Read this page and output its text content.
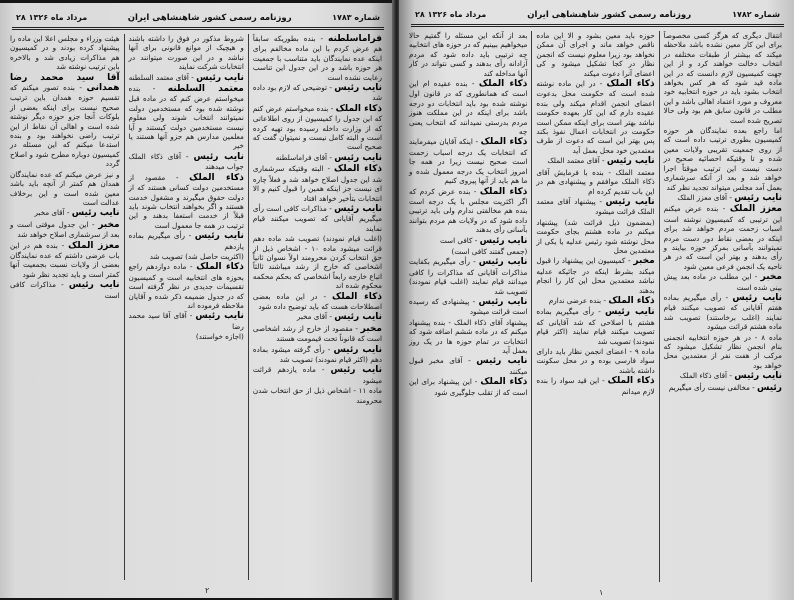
۲۸ مرداد ماه ۱۳۲۶	روزنامه رسمی کشور شاهنشاهی ایران	شماره ۱۷۸۳

فراماسلطنه - بنده بطوریکه سابقاً هم عرض کردم با این ماده مخالفم برای اینکه عده نمایندگان باید متناسب با جمعیت هر حوزه باشد و در این جدول این تناسب رعایت نشده است

نایب رئیس - توضیحی که لازم بود داده شد

ذکاء الملک - بنده میخواستم عرض کنم که این جدول را کمیسیون از روی اطلاعاتی که از وزارت داخله رسیده بود تهیه کرده است و البته کامل نیست و نمیتوان گفت که صحیح است

نایب رئیس - آقای فراماسلطنه

ذکاء الملک - البته وقتیکه سرشماری شد این جدول اصلاح خواهد شد و فعلاً چاره ای نیست جز اینکه همین را قبول کنیم و الا انتخابات بتأخیر خواهد افتاد

نایب رئیس - مذاکرات کافی است رأی میگیریم آقایانی که تصویب میکنند قیام نمایند

(اغلب قیام نمودند) تصویب شد ماده دهم قرائت میشود ماده ۱۰ - اشخاص ذیل از حق انتخاب کردن محرومند اولاً نسوان ثانیاً اشخاصی که خارج از رشد میباشند ثالثاً اتباع خارجه رابعاً اشخاصی که بحکم محکمه محکوم شده اند

ذکاء الملک - در این ماده بعضی اصطلاحات هست که باید توضیح داده شود

نایب رئیس - آقای مخبر

مخبر - مقصود از خارج از رشد اشخاصی است که قانوناً تحت قیمومت هستند

نایب رئیس - رأی گرفته میشود بماده دهم (اکثر قیام نمودند) تصویب شد

نایب رئیس - ماده یازدهم قرائت میشود

ماده ۱۱ - اشخاص ذیل از حق انتخاب شدن محرومند

شروط مذکور در فوق را داشته باشند و هیچیک از موانع قانونی برای آنها نباشد و در این صورت میتوانند در انتخابات شرکت نمایند

نایب رئیس - آقای معتمد السلطنه

معتمد السلطنه - بنده میخواستم عرض کنم که در ماده قبل نوشته شده بود که مستخدمین دولت نمیتوانند انتخاب شوند ولی معلوم نیست مستخدمین دولت کیستند و آیا معلمین مدارس هم جزو آنها هستند یا خیر

نایب رئیس - آقای ذکاء الملک جواب میدهند

ذکاء الملک - مقصود از مستخدمین دولت کسانی هستند که از دولت حقوق میگیرند و مشغول خدمت هستند و اگر بخواهند انتخاب شوند باید قبلاً از خدمت استعفا بدهند و این ترتیب در همه جا معمول است

نایب رئیس - رأی میگیریم بماده یازدهم

(اکثریت حاصل شد) تصویب شد

ذکاء الملک - ماده دوازدهم راجع بحوزه های انتخابیه است و کمیسیون تقسیمات جدیدی در نظر گرفته است که در جدول ضمیمه ذکر شده و آقایان ملاحظه فرموده اند

نایب رئیس - آقای آقا سید محمد رضا

(اجازه خواستند)

هیئت وزراء و مجلس اعلا این ماده را پیشنهاد کرده بودند و در کمیسیون هم مذاکرات زیادی شد و بالاخره باین ترتیب نوشته شد

آقا سید محمد رضا همدانی - بنده تصور میکنم که تقسیم حوزه همدان باین ترتیب صحیح نیست برای اینکه بعضی از بلوکات آنجا جزو حوزه دیگر نوشته شده است و اهالی آن نقاط از این ترتیب راضی نخواهند بود و بنده استدعا میکنم که این مسئله در کمیسیون دوباره مطرح شود و اصلاح گردد

و نیز عرض میکنم که عده نمایندگان همدان هم کمتر از آنچه باید باشد معین شده است و این برخلاف عدالت است

نایب رئیس - آقای مخبر

مخبر - این جدول موقتی است و بعد از سرشماری اصلاح خواهد شد

معزز الملک - بنده هم در این باب عرضی داشتم که عده نمایندگان بعضی از ولایات نسبت بجمعیت آنها کمتر است و باید تجدید نظر شود

نایب رئیس - مذاکرات کافی است

۲
۲۸ مرداد ماه ۱۳۲۶	روزنامه رسمی کشور شاهنشاهی ایران	شماره ۱۷۸۲

انتقال دیگری که هرگز کسی مخصوصاً برای این کار معین نشده باشد ملاحظه میکند که بیشتر از طبقات مختلفه در انتخاب دخالت خواهند کرد و از این جهت کمیسیون لازم دانست که در این ماده قید شود که هر کس بخواهد انتخاب بشود باید در حوزه انتخابیه خود معروف و مورد اعتماد اهالی باشد و این مطلب در قانون سابق هم بود ولی حالا تصریح شده است

اما راجع بعده نمایندگان هر حوزه کمیسیون بطوری ترتیب داده است که از روی جمعیت تقریبی ولایات معین شده و تا وقتیکه احصائیه صحیح در دست نیست این ترتیب موقتاً اجرا خواهد شد و بعد از آنکه سرشماری بعمل آمد مجلس میتواند تجدید نظر کند

نایب رئیس - آقای معزز الملک

معزز الملک - بنده عرض میکنم این ترتیبی که کمیسیون نوشته است اسباب زحمت مردم خواهد شد برای اینکه در بعضی نقاط دور دست مردم نمیتوانند بآسانی بمرکز حوزه بیایند و رأی بدهند و بهتر این است که در هر ناحیه یک انجمن فرعی معین شود

مخبر - این مطلب در ماده بعد پیش بینی شده است

نایب رئیس - رأی میگیریم بماده هفتم آقایانی که تصویب میکنند قیام نمایند (اغلب برخاستند) تصویب شد ماده هشتم قرائت میشود

ماده ۸ - در هر حوزه انتخابیه انجمنی بنام انجمن نظار تشکیل میشود که مرکب از هفت نفر از معتمدین محل خواهد بود

نایب رئیس - آقای ذکاء الملک

رئیس - مخالفی نیست رأی میگیریم

حوزه باید معین بشود و الا این ماده ناقص خواهد ماند و اجرای آن ممکن نخواهد بود زیرا معلوم نیست که انجمن نظار در کجا تشکیل میشود و کی اعضای آنرا دعوت میکند

ذکاء الملک - در این ماده نوشته شده است که حکومت محل بدعوت اعضای انجمن اقدام میکند ولی بنده عقیده دارم که این کار بعهده حکومت نباشد بهتر است برای اینکه ممکن است حکومت در انتخابات اعمال نفوذ بکند پس بهتر این است که دعوت از طرف معتمدین خود محل بعمل آید

نایب رئیس - آقای معتمد الملک

معتمد الملک - بنده با فرمایش آقای ذکاء الملک موافقم و پیشنهادی هم در این باب تقدیم کرده ام

نایب رئیس - پیشنهاد آقای معتمد الملک قرائت میشود

(بمضمون ذیل قرائت شد) پیشنهاد میکنم در ماده هشتم بجای حکومت محل نوشته شود رئیس عدلیه یا یکی از معتمدین محل

مخبر - کمیسیون این پیشنهاد را قبول میکند بشرط اینکه در جائیکه عدلیه نباشد معتمدین محل این کار را انجام بدهند

ذکاء الملک - بنده عرضی ندارم

نایب رئیس - رأی میگیریم بماده هشتم با اصلاحی که شد آقایانی که تصویب میکنند قیام نمایند (اکثر قیام نمودند) تصویب شد

ماده ۹ - اعضای انجمن نظار باید دارای سواد فارسی بوده و در محل سکونت داشته باشند

ذکاء الملک - این قید سواد را بنده لازم میدانم

بعد از آنکه این مسئله را گفتیم حالا میخواهیم ببینیم که در حوزه های انتخابیه چه ترتیبی باید داده شود که مردم آزادانه رأی بدهند و کسی نتواند در کار آنها مداخله کند

ذکاء الملک - بنده عقیده ام این است که همانطوری که در قانون اول نوشته شده بود باید انتخابات دو درجه باشد برای اینکه در این مملکت هنوز مردم بدرستی نمیدانند که انتخاب یعنی چه

ذکاء الملک - اینکه آقایان میفرمایند که انتخابات یک درجه اسباب زحمت است صحیح نیست زیرا در همه جا امروز انتخاب یک درجه معمول شده و ما هم باید از آنها پیروی کنیم

ذکاء الملک - بنده عرض کردم که اگر اکثریت مجلس با یک درجه است بنده هم مخالفتی ندارم ولی باید ترتیبی داده شود که در ولایات هم مردم بتوانند بآسانی رأی بدهند

نایب رئیس - کافی است

(جمعی گفتند کافی است)

نایب رئیس - رأی میگیریم بکفایت مذاکرات آقایانی که مذاکرات را کافی میدانند قیام نمایند (اغلب قیام نمودند) تصویب شد

نایب رئیس - پیشنهادی که رسیده است قرائت میشود

پیشنهاد آقای ذکاء الملک - بنده پیشنهاد میکنم که در ماده ششم اضافه شود که انتخابات در تمام حوزه ها در یک روز بعمل آید

نایب رئیس - آقای مخبر قبول میکنند

ذکاء الملک - این پیشنهاد برای این است که از تقلب جلوگیری شود

۱
